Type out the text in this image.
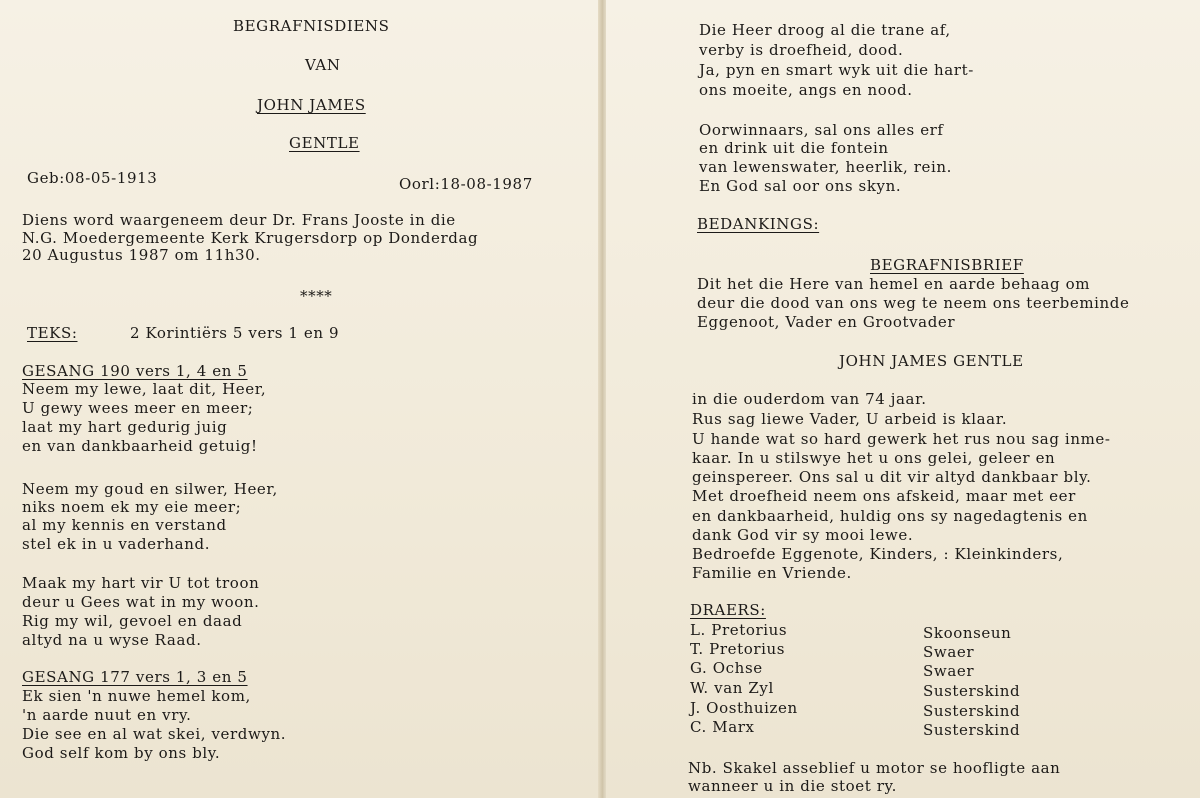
BEGRAFNISDIENS
VAN
JOHN JAMES
GENTLE
Geb:08-05-1913	Oorl:18-08-1987
Diens word waargeneem deur Dr. Frans Jooste in die
N.G. Moedergemeente Kerk Krugersdorp op Donderdag
20 Augustus 1987 om 11h30.
****
TEKS:	2 Korintiërs 5 vers 1 en 9
GESANG 190 vers 1, 4 en 5
Neem my lewe, laat dit, Heer,
U gewy wees meer en meer;
laat my hart gedurig juig
en van dankbaarheid getuig!
Neem my goud en silwer, Heer,
niks noem ek my eie meer;
al my kennis en verstand
stel ek in u vaderhand.
Maak my hart vir U tot troon
deur u Gees wat in my woon.
Rig my wil, gevoel en daad
altyd na u wyse Raad.
GESANG 177 vers 1, 3 en 5
Ek sien 'n nuwe hemel kom,
'n aarde nuut en vry.
Die see en al wat skei, verdwyn.
God self kom by ons bly.
Die Heer droog al die trane af,
verby is droefheid, dood.
Ja, pyn en smart wyk uit die hart-
ons moeite, angs en nood.
Oorwinnaars, sal ons alles erf
en drink uit die fontein
van lewenswater, heerlik, rein.
En God sal oor ons skyn.
BEDANKINGS:
BEGRAFNISBRIEF
Dit het die Here van hemel en aarde behaag om
deur die dood van ons weg te neem ons teerbeminde
Eggenoot, Vader en Grootvader
JOHN JAMES GENTLE
in die ouderdom van 74 jaar.
Rus sag liewe Vader, U arbeid is klaar.
U hande wat so hard gewerk het rus nou sag inme-
kaar. In u stilswye het u ons gelei, geleer en
geinspereer. Ons sal u dit vir altyd dankbaar bly.
Met droefheid neem ons afskeid, maar met eer
en dankbaarheid, huldig ons sy nagedagtenis en
dank God vir sy mooi lewe.
Bedroefde Eggenote, Kinders, : Kleinkinders,
Familie en Vriende.
DRAERS:
L. Pretorius	Skoonseun
T. Pretorius	Swaer
G. Ochse	Swaer
W. van Zyl	Susterskind
J. Oosthuizen	Susterskind
C. Marx	Susterskind
Nb. Skakel asseblief u motor se hoofligte aan
wanneer u in die stoet ry.
